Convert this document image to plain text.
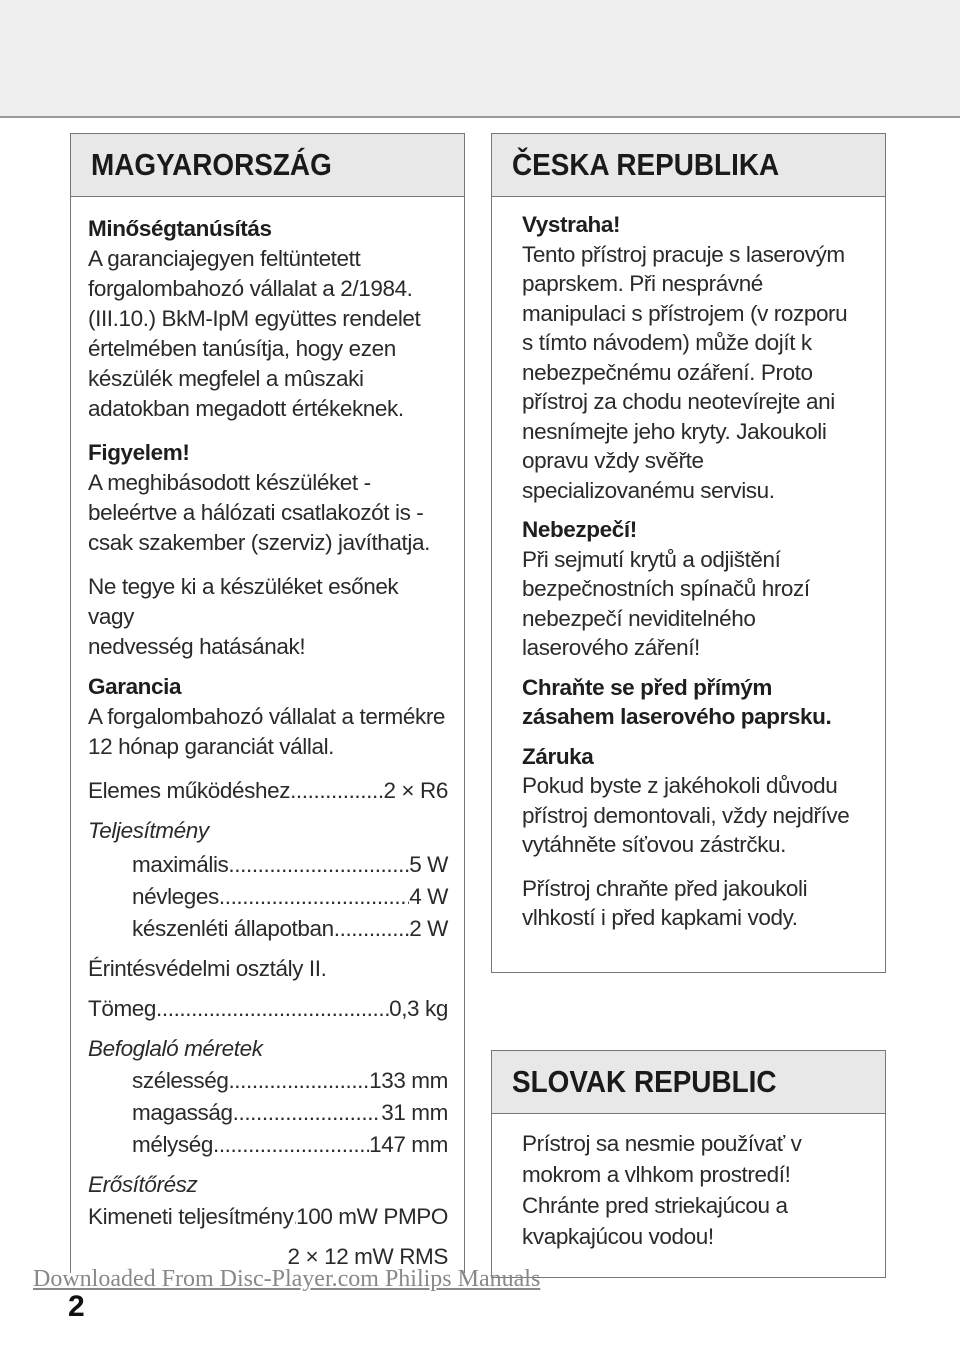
MAGYARORSZÁG

Minőségtanúsítás

A garanciajegyen feltüntetett

forgalombahozó vállalat a 2/1984.

(III.10.) BkM-IpM együttes rendelet

értelmében tanúsítja, hogy ezen

készülék megfelel a mûszaki

adatokban megadott értékeknek.

Figyelem!

A meghibásodott készüléket -

beleértve a hálózati csatlakozót is -

csak szakember (szerviz) javíthatja.

Ne tegye ki a készüléket esőnek vagy

nedvesség hatásának!

Garancia

A forgalombahozó vállalat a termékre

12 hónap garanciát vállal.

Elemes működéshez .....	2 × R6

Teljesítmény

maximális .....	5 W
névleges .....	4 W
készenléti állapotban .....	2 W

Érintésvédelmi osztály II.

Tömeg .....	0,3 kg

Befoglaló méretek

szélesség .....	133 mm
magasság .....	31 mm
mélység .....	147 mm

Erősítőrész

Kimeneti teljesítmény ..... 100 mW PMPO

2 × 12 mW RMS

ČESKA REPUBLIKA

Vystraha!

Tento přístroj pracuje s laserovým

paprskem. Při nesprávné

manipulaci s přístrojem (v rozporu

s tímto návodem) může dojít k

nebezpečnému ozáření. Proto

přístroj za chodu neotevírejte ani

nesnímejte jeho kryty. Jakoukoli

opravu vždy svěřte

specializovanému servisu.

Nebezpečí!

Při sejmutí krytů a odjištění

bezpečnostních spínačů hrozí

nebezpečí neviditelného

laserového záření!

Chraňte se před přímým

zásahem laserového paprsku.

Záruka

Pokud byste z jakéhokoli důvodu

přístroj demontovali, vždy nejdříve

vytáhněte síťovou zástrčku.

Přístroj chraňte před jakoukoli

vlhkostí i před kapkami vody.

SLOVAK REPUBLIC

Prístroj sa nesmie používať v

mokrom a vlhkom prostredí!

Chránte pred striekajúcou a

kvapkajúcou vodou!

Downloaded From Disc-Player.com Philips Manuals
2
